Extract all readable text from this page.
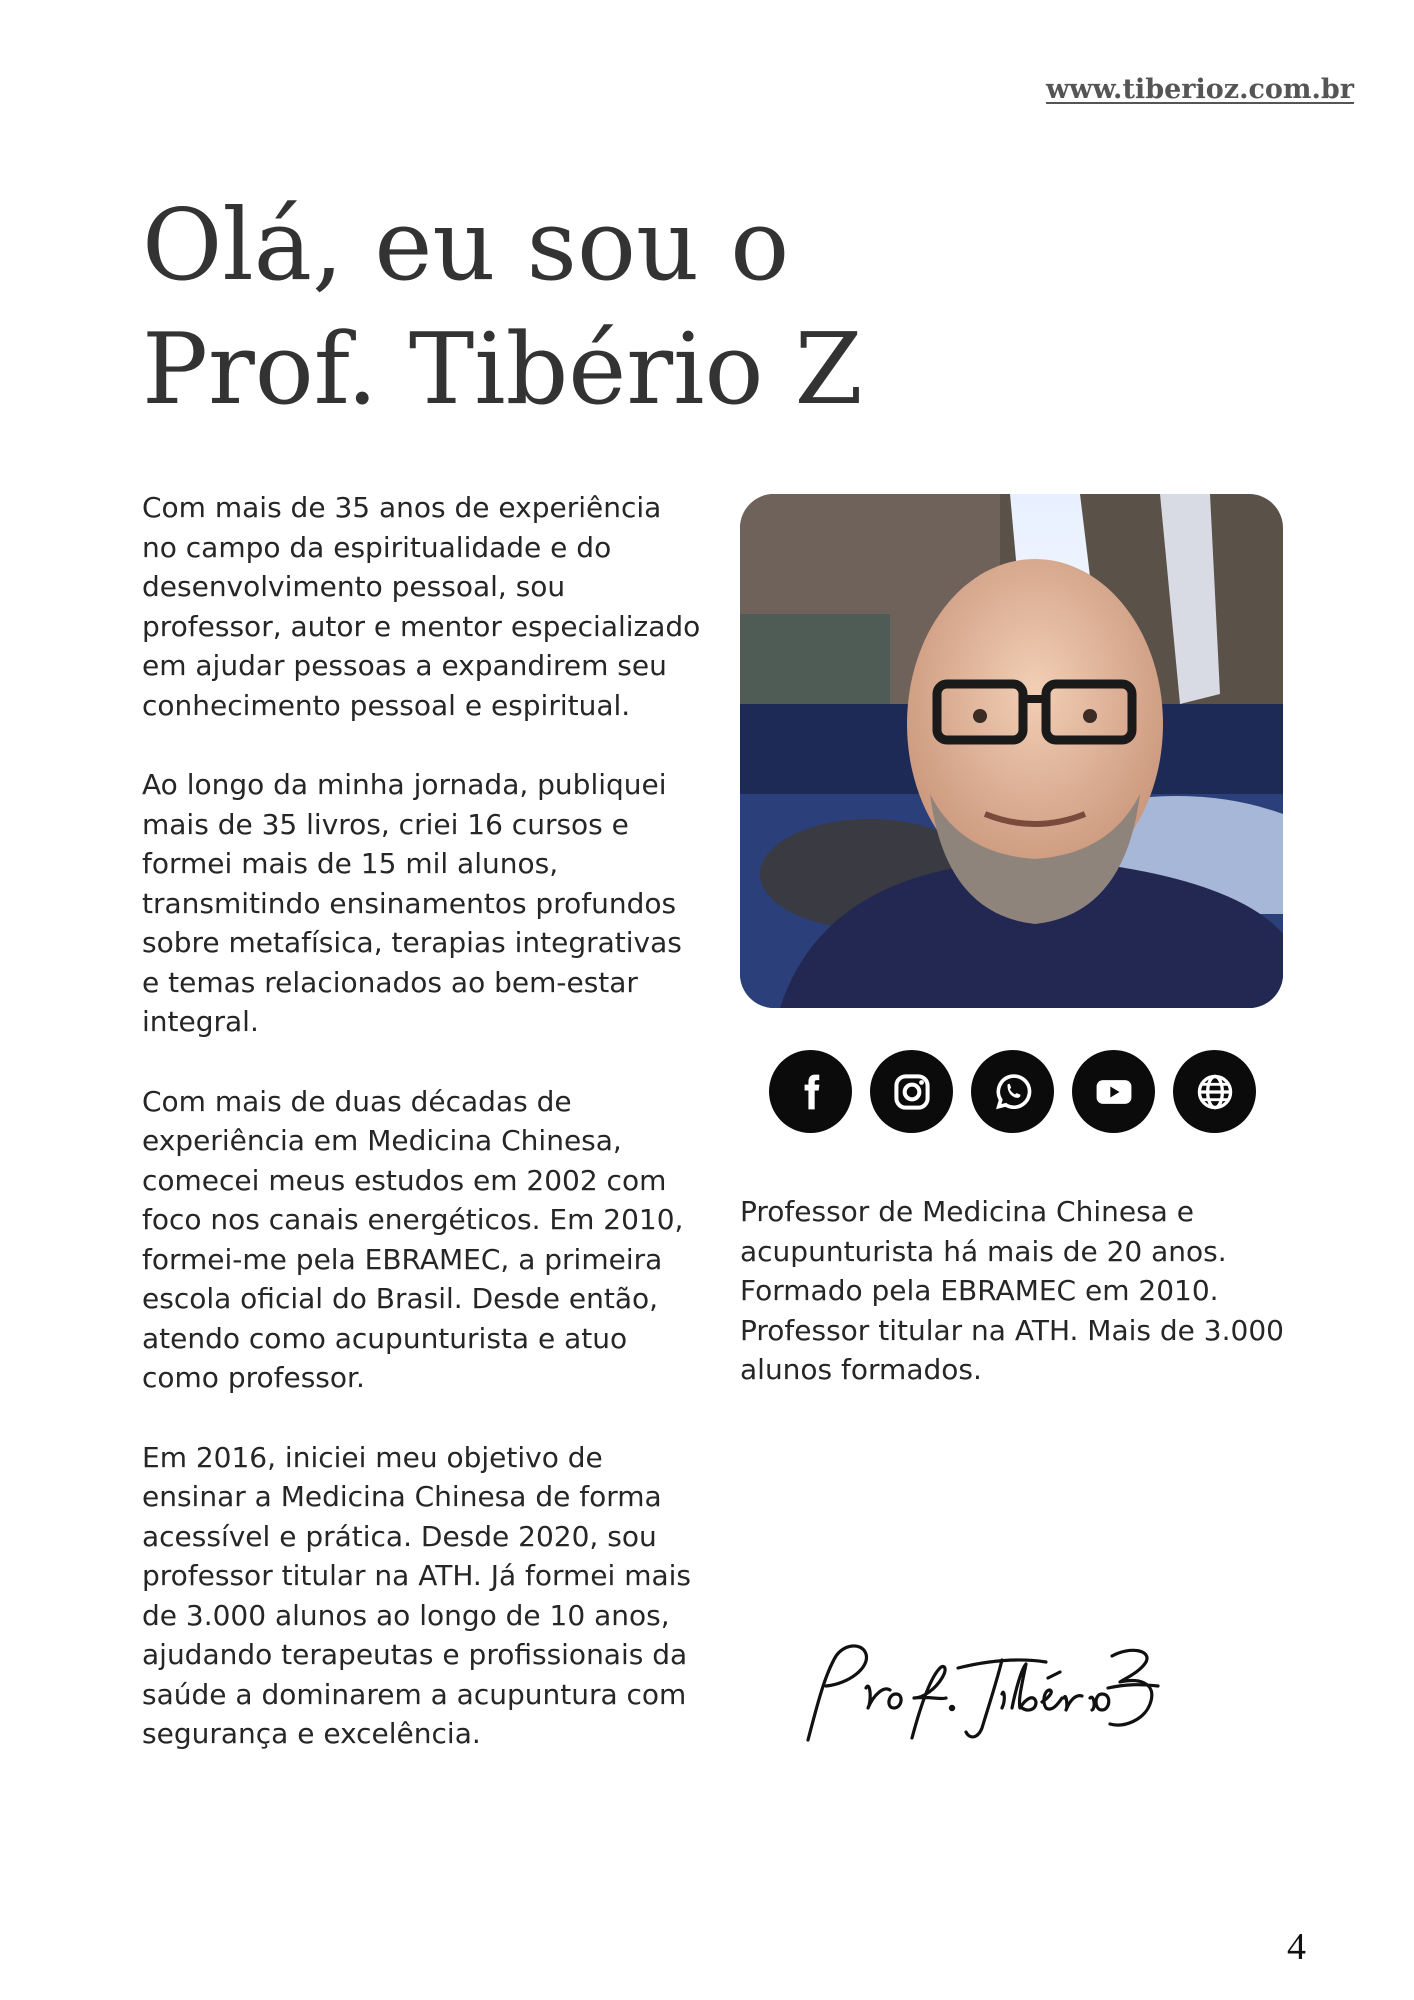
www.tiberioz.com.br
Olá, eu sou o
Prof. Tibério Z

Com mais de 35 anos de experiência no campo da espiritualidade e do desenvolvimento pessoal, sou professor, autor e mentor especializado em ajudar pessoas a expandirem seu conhecimento pessoal e espiritual.

Ao longo da minha jornada, publiquei mais de 35 livros, criei 16 cursos e formei mais de 15 mil alunos, transmitindo ensinamentos profundos sobre metafísica, terapias integrativas e temas relacionados ao bem-estar integral.

Com mais de duas décadas de experiência em Medicina Chinesa, comecei meus estudos em 2002 com foco nos canais energéticos. Em 2010, formei-me pela EBRAMEC, a primeira escola oficial do Brasil. Desde então, atendo como acupunturista e atuo como professor.

Em 2016, iniciei meu objetivo de ensinar a Medicina Chinesa de forma acessível e prática. Desde 2020, sou professor titular na ATH. Já formei mais de 3.000 alunos ao longo de 10 anos, ajudando terapeutas e profissionais da saúde a dominarem a acupuntura com segurança e excelência.

Professor de Medicina Chinesa e acupunturista há mais de 20 anos. Formado pela EBRAMEC em 2010. Professor titular na ATH. Mais de 3.000 alunos formados.

4
